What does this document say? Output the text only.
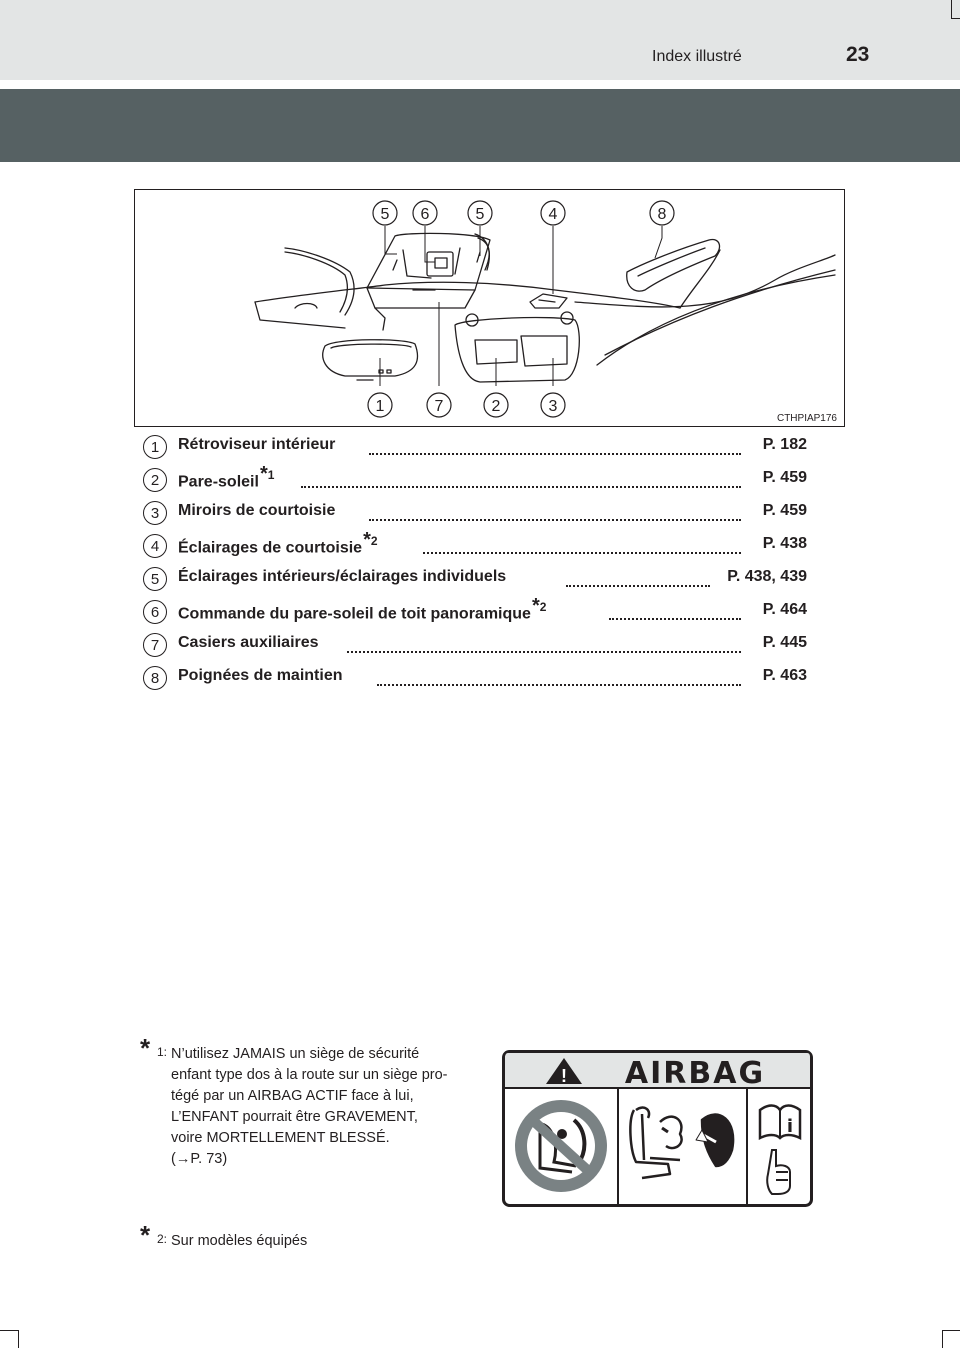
Index illustré	23
5 6	5	4	8
1	7	2	3
CTHPIAP176
1	Rétroviseur intérieur	P. 182
2	Pare-soleil*$^1$	P. 459
3	Miroirs de courtoisie	P. 459
4	Éclairages de courtoisie*$^2$	P. 438
5	Éclairages intérieurs/éclairages individuels	P. 438, 439
6	Commande du pare-soleil de toit panoramique*$^2$	P. 464
7	Casiers auxiliaires	P. 445
8	Poignées de maintien	P. 463
* 1: N’utilisez JAMAIS un siège de sécurité
enfant type dos à la route sur un siège pro-
tégé par un AIRBAG ACTIF face à lui,
L’ENFANT pourrait être GRAVEMENT,
voire MORTELLEMENT BLESSÉ.
(→P. 73)
* 2: Sur modèles équipés
! AIRBAG
i
